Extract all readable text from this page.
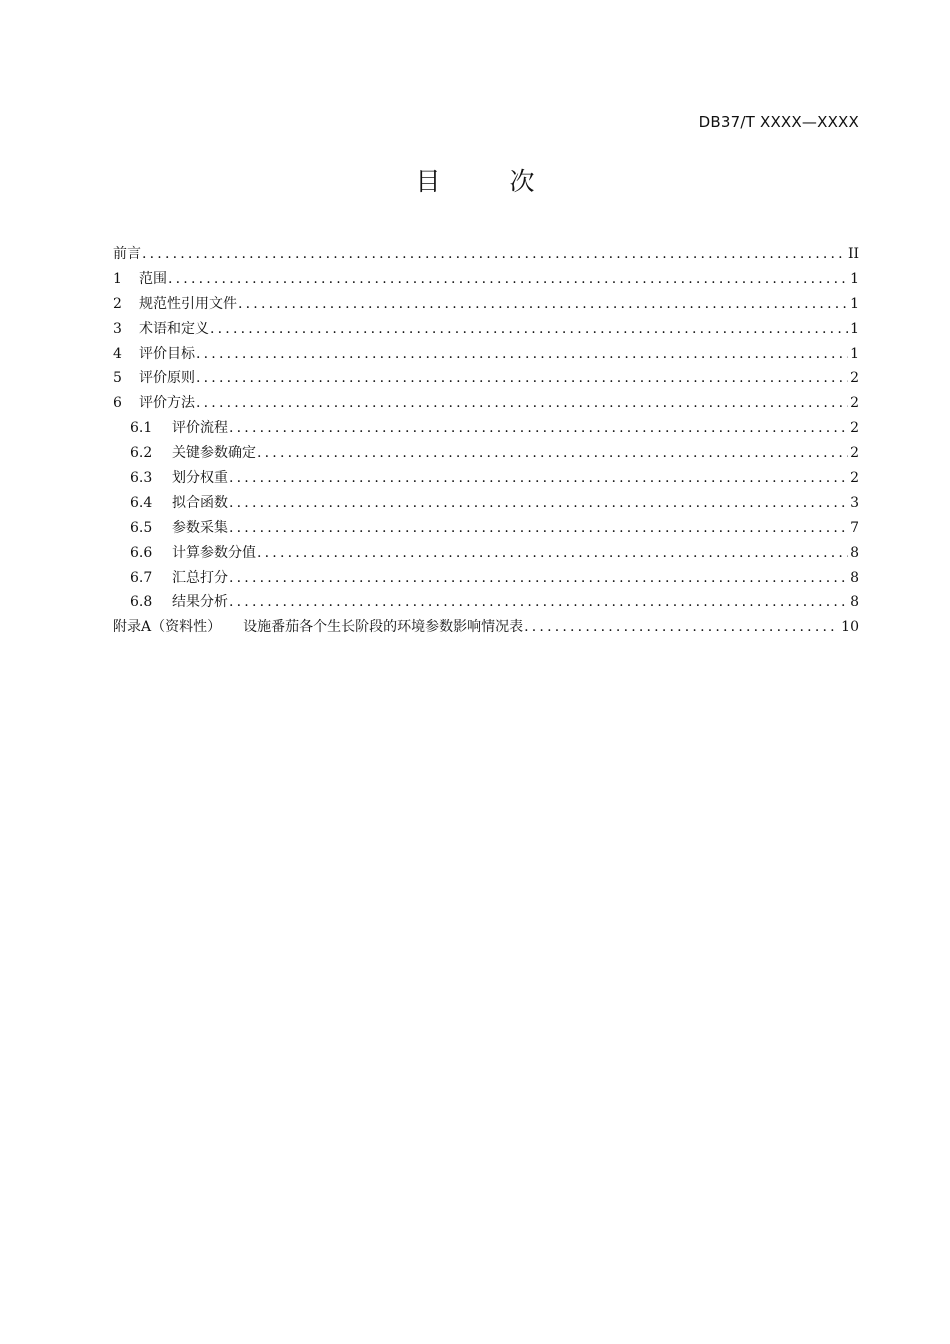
DB37/T XXXX—XXXX
目　次
前言 .....	II
1 范围 .....	1
2 规范性引用文件 .....	1
3 术语和定义 .....	1
4 评价目标 .....	1
5 评价原则 .....	2
6 评价方法 .....	2
6.1 评价流程 .....	2
6.2 关键参数确定 .....	2
6.3 划分权重 .....	2
6.4 拟合函数 .....	3
6.5 参数采集 .....	7
6.6 计算参数分值 .....	8
6.7 汇总打分 .....	8
6.8 结果分析 .....	8
附录A（资料性） 设施番茄各个生长阶段的环境参数影响情况表 .....	10
